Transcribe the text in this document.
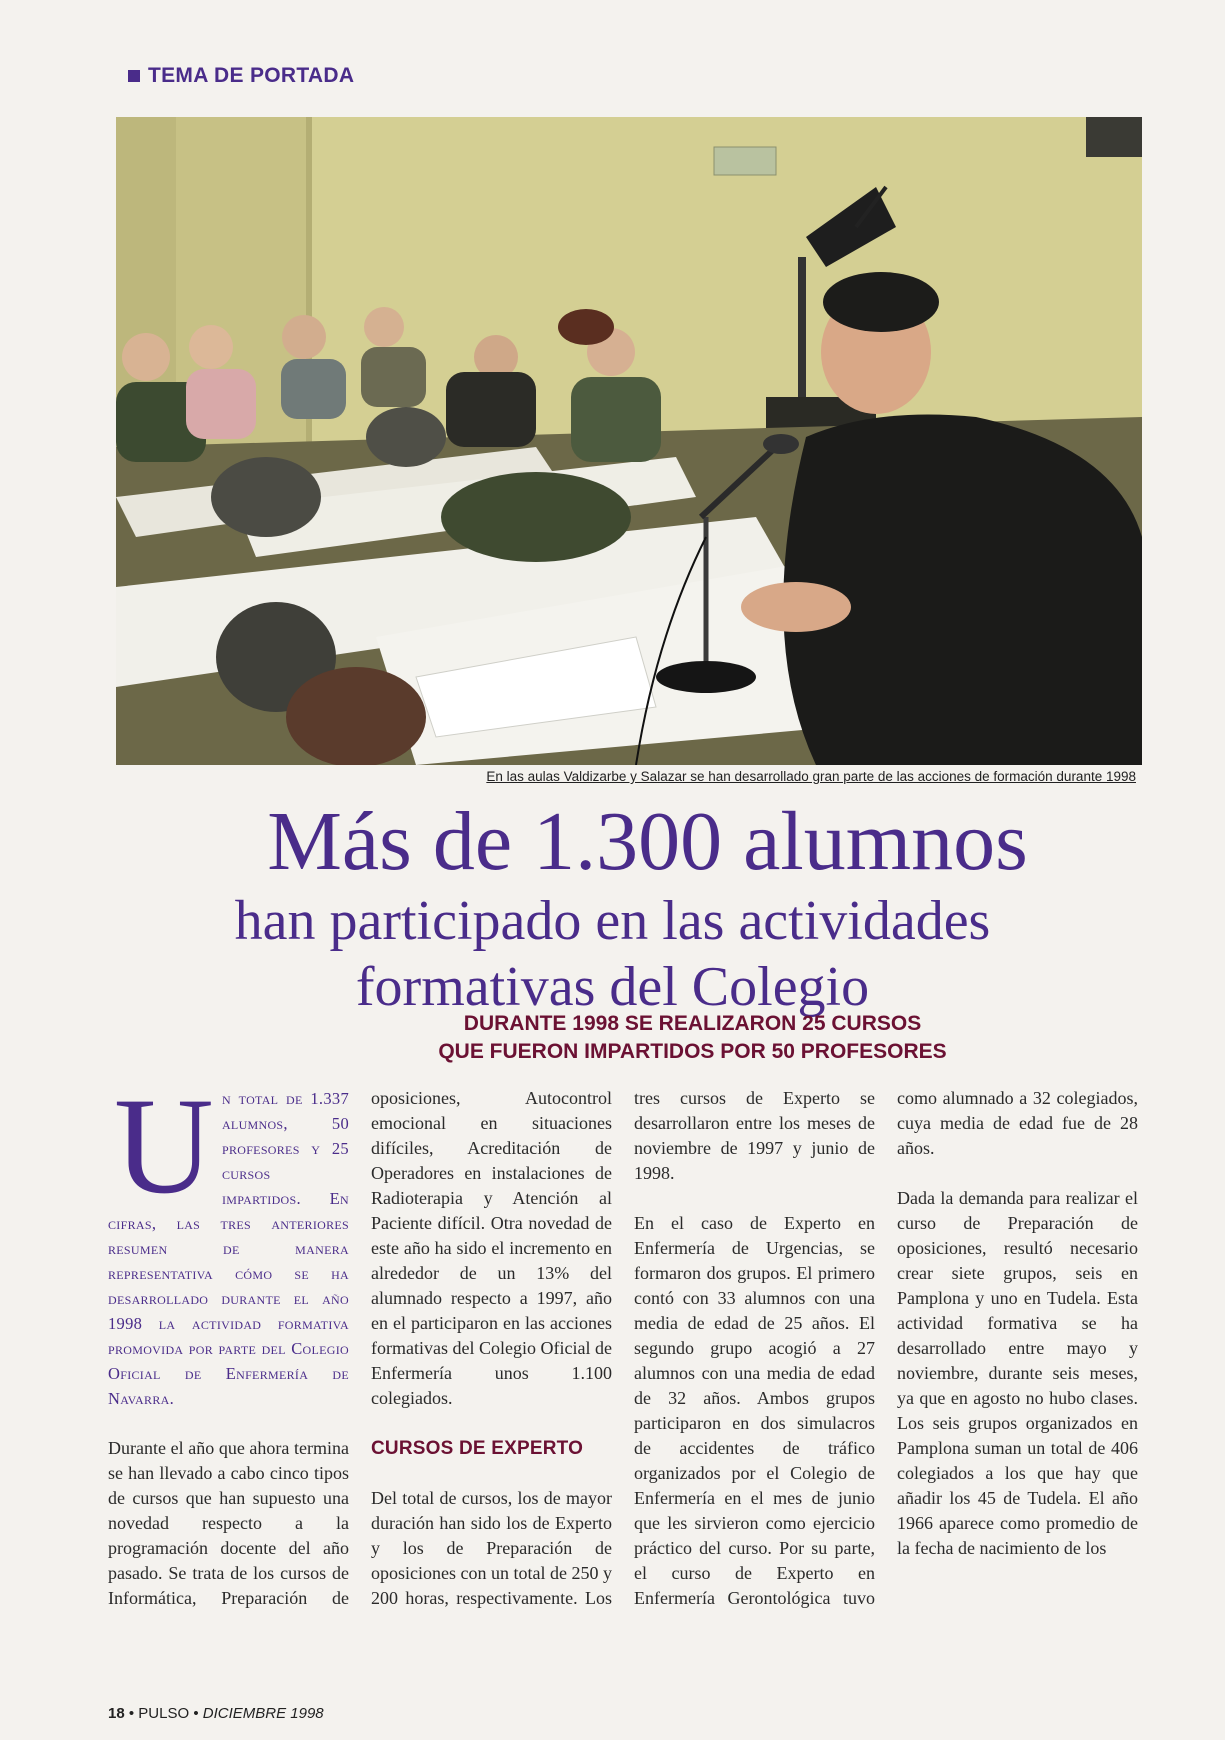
TEMA DE PORTADA
En las aulas Valdizarbe y Salazar se han desarrollado gran parte de las acciones de formación durante 1998
Más de 1.300 alumnos
han participado en las actividades
formativas del Colegio
DURANTE 1998 SE REALIZARON 25 CURSOS
QUE FUERON IMPARTIDOS POR 50 PROFESORES
Un total de 1.337 alumnos, 50 profesores y 25 cursos impartidos. En cifras, las tres anteriores resumen de manera representativa cómo se ha desarrollado durante el año 1998 la actividad formativa promovida por parte del Colegio Oficial de Enfermería de Navarra.

Durante el año que ahora termina se han llevado a cabo cinco tipos de cursos que han supuesto una novedad respecto a la programación docente del año pasado. Se trata de los cursos de Informática, Preparación de oposiciones, Autocontrol emocional en situaciones difíciles, Acreditación de Operadores en instalaciones de Radioterapia y Atención al Paciente difícil. Otra novedad de este año ha sido el incremento en alrededor de un 13% del alumnado respecto a 1997, año en el participaron en las acciones formativas del Colegio Oficial de Enfermería unos 1.100 colegiados.

CURSOS DE EXPERTO

Del total de cursos, los de mayor duración han sido los de Experto y los de Preparación de oposiciones con un total de 250 y 200 horas, respectivamente. Los tres cursos de Experto se desarrollaron entre los meses de noviembre de 1997 y junio de 1998.

En el caso de Experto en Enfermería de Urgencias, se formaron dos grupos. El primero contó con 33 alumnos con una media de edad de 25 años. El segundo grupo acogió a 27 alumnos con una media de edad de 32 años. Ambos grupos participaron en dos simulacros de accidentes de tráfico organizados por el Colegio de Enfermería en el mes de junio que les sirvieron como ejercicio práctico del curso. Por su parte, el curso de Experto en Enfermería Gerontológica tuvo como alumnado a 32 colegiados, cuya media de edad fue de 28 años.

Dada la demanda para realizar el curso de Preparación de oposiciones, resultó necesario crear siete grupos, seis en Pamplona y uno en Tudela. Esta actividad formativa se ha desarrollado entre mayo y noviembre, durante seis meses, ya que en agosto no hubo clases. Los seis grupos organizados en Pamplona suman un total de 406 colegiados a los que hay que añadir los 45 de Tudela. El año 1966 aparece como promedio de la fecha de nacimiento de los

18 • PULSO • DICIEMBRE 1998
